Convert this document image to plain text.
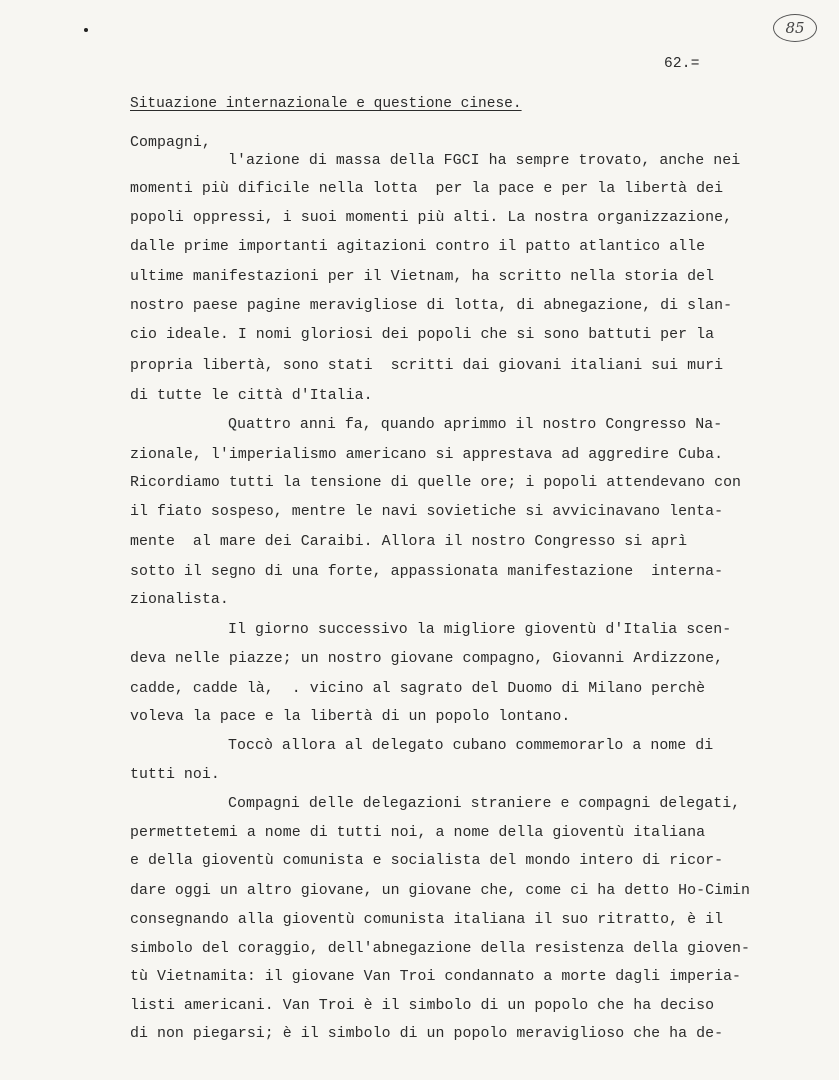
85
62.=
Situazione internazionale e questione cinese.
Compagni,
l'azione di massa della FGCI ha sempre trovato, anche nei
momenti più dificile nella lotta  per la pace e per la libertà dei
popoli oppressi, i suoi momenti più alti. La nostra organizzazione,
dalle prime importanti agitazioni contro il patto atlantico alle
ultime manifestazioni per il Vietnam, ha scritto nella storia del
nostro paese pagine meravigliose di lotta, di abnegazione, di slan-
cio ideale. I nomi gloriosi dei popoli che si sono battuti per la
propria libertà, sono stati  scritti dai giovani italiani sui muri
di tutte le città d'Italia.
Quattro anni fa, quando aprimmo il nostro Congresso Na-
zionale, l'imperialismo americano si apprestava ad aggredire Cuba.
Ricordiamo tutti la tensione di quelle ore; i popoli attendevano con
il fiato sospeso, mentre le navi sovietiche si avvicinavano lenta-
mente  al mare dei Caraibi. Allora il nostro Congresso si aprì
sotto il segno di una forte, appassionata manifestazione  interna-
zionalista.
Il giorno successivo la migliore gioventù d'Italia scen-
deva nelle piazze; un nostro giovane compagno, Giovanni Ardizzone,
cadde, cadde là,  . vicino al sagrato del Duomo di Milano perchè
voleva la pace e la libertà di un popolo lontano.
Toccò allora al delegato cubano commemorarlo a nome di
tutti noi.
Compagni delle delegazioni straniere e compagni delegati,
permettetemi a nome di tutti noi, a nome della gioventù italiana
e della gioventù comunista e socialista del mondo intero di ricor-
dare oggi un altro giovane, un giovane che, come ci ha detto Ho-Cimin
consegnando alla gioventù comunista italiana il suo ritratto, è il
simbolo del coraggio, dell'abnegazione della resistenza della gioven-
tù Vietnamita: il giovane Van Troi condannato a morte dagli imperia-
listi americani. Van Troi è il simbolo di un popolo che ha deciso
di non piegarsi; è il simbolo di un popolo meraviglioso che ha de-
